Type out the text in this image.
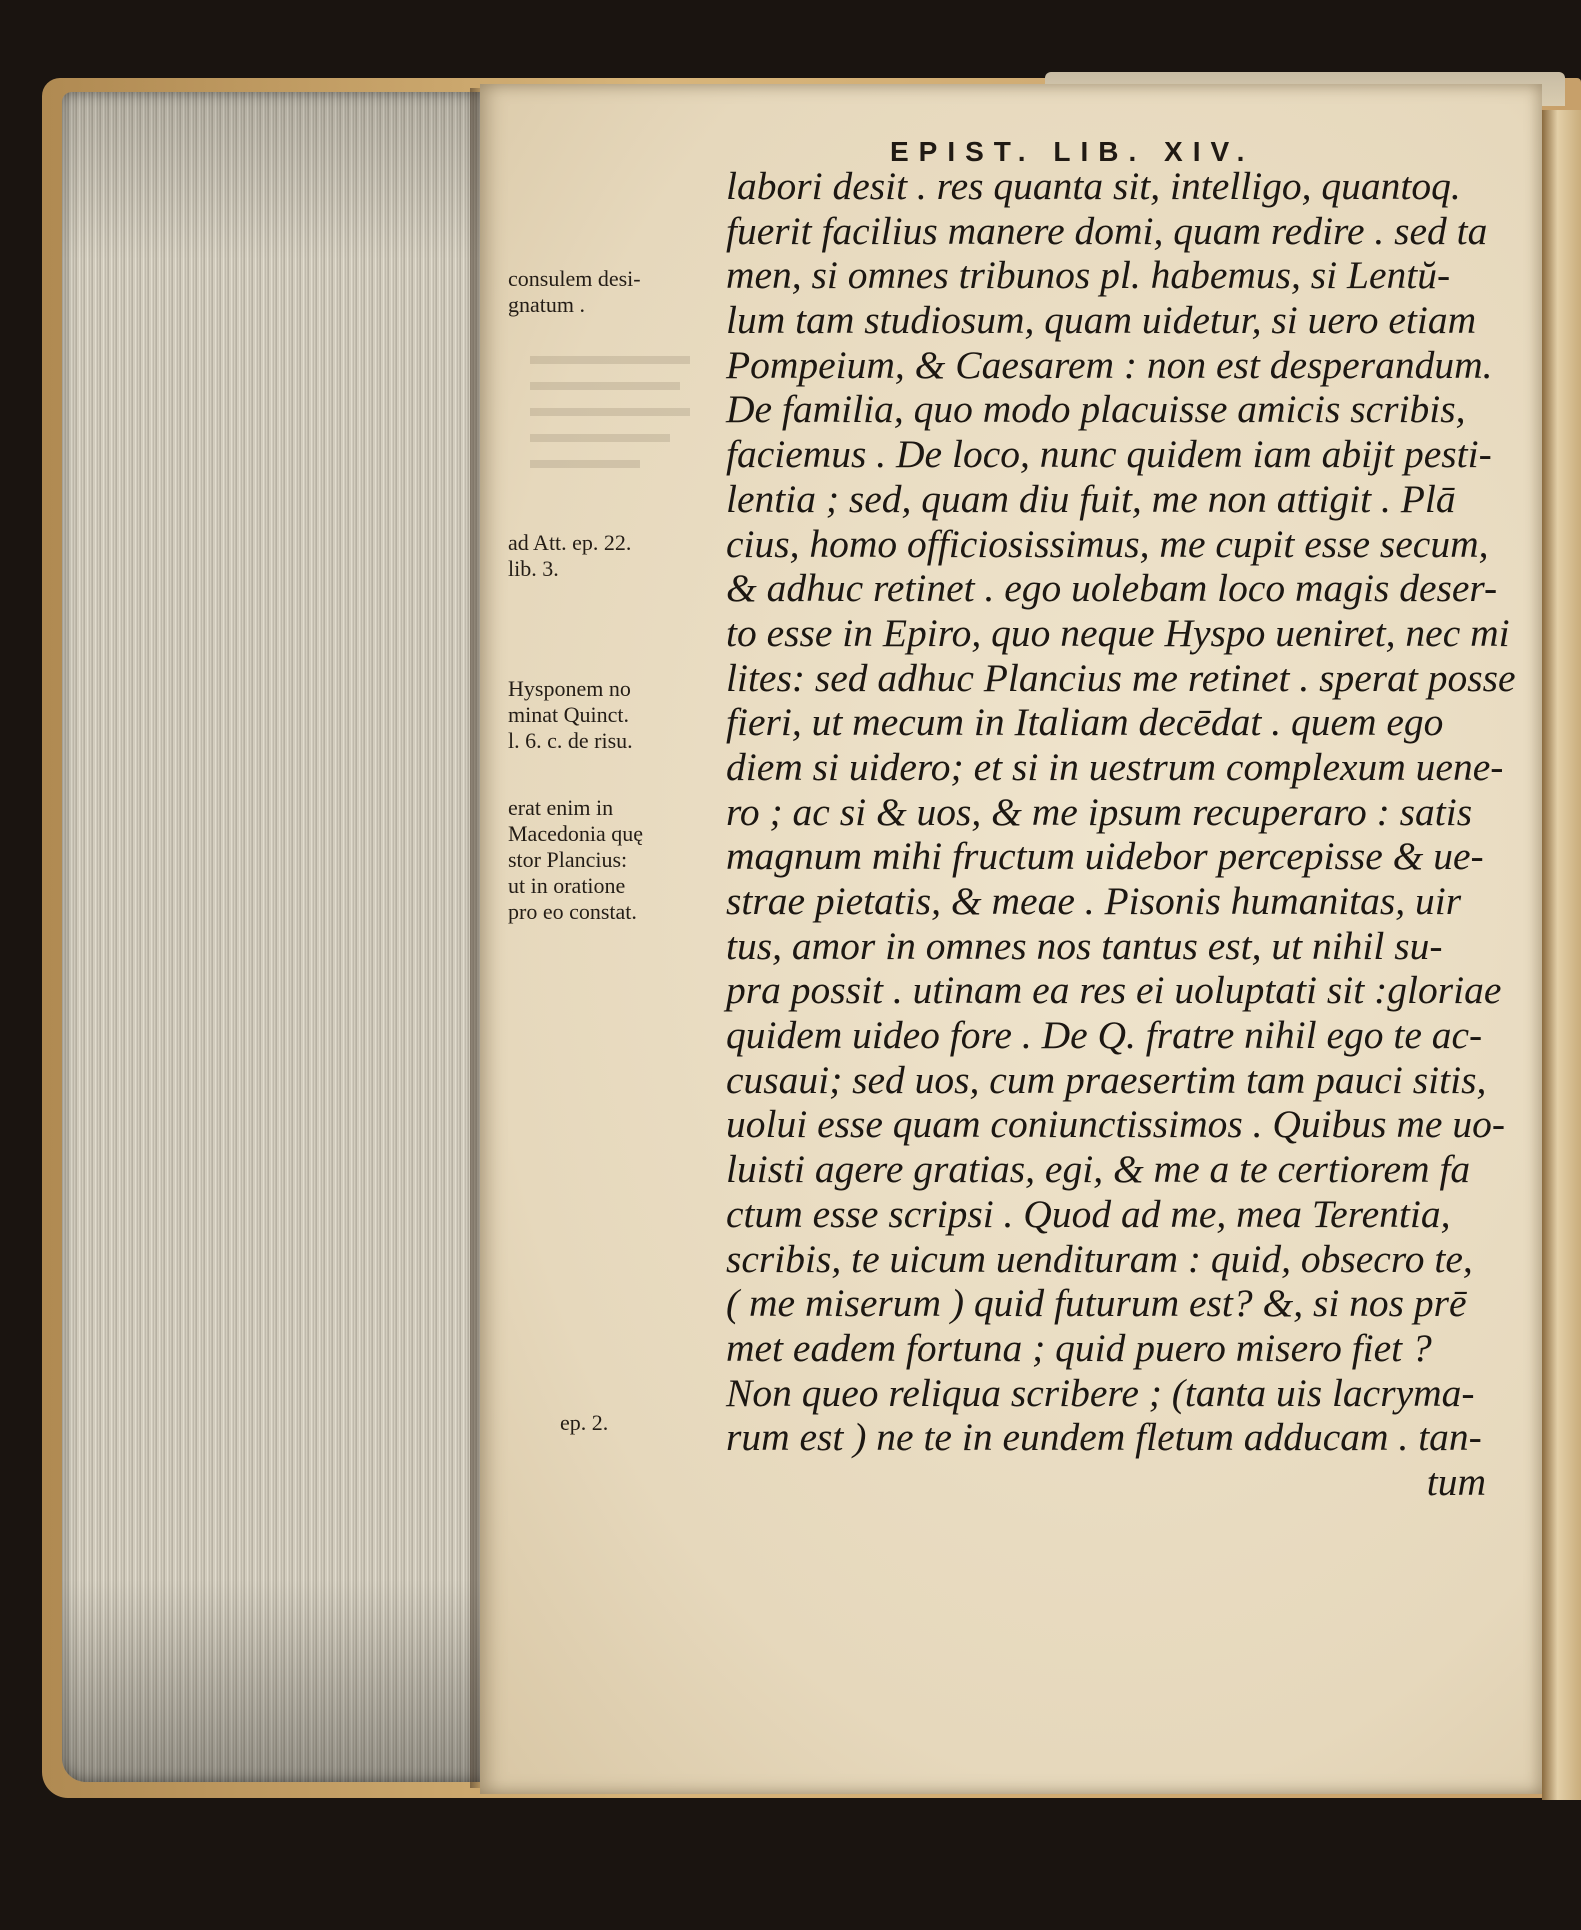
EPIST. LIB. XIV.
labori desit . res quanta sit, intelligo, quantoq.
fuerit facilius manere domi, quam redire . sed ta
men, si omnes tribunos pl. habemus, si Lentŭ-
lum tam studiosum, quam uidetur, si uero etiam
Pompeium, & Caesarem : non est desperandum.
De familia, quo modo placuisse amicis scribis,
faciemus . De loco, nunc quidem iam abijt pesti-
lentia ; sed, quam diu fuit, me non attigit . Plā
cius, homo officiosissimus, me cupit esse secum,
& adhuc retinet . ego uolebam loco magis deser-
to esse in Epiro, quo neque Hyspo ueniret, nec mi
lites: sed adhuc Plancius me retinet . sperat posse
fieri, ut mecum in Italiam decēdat . quem ego
diem si uidero; et si in uestrum complexum uene-
ro ; ac si & uos, & me ipsum recuperaro : satis
magnum mihi fructum uidebor percepisse & ue-
strae pietatis, & meae . Pisonis humanitas, uir
tus, amor in omnes nos tantus est, ut nihil su-
pra possit . utinam ea res ei uoluptati sit :gloriae
quidem uideo fore . De Q. fratre nihil ego te ac-
cusaui; sed uos, cum praesertim tam pauci sitis,
uolui esse quam coniunctissimos . Quibus me uo-
luisti agere gratias, egi, & me a te certiorem fa
ctum esse scripsi . Quod ad me, mea Terentia,
scribis, te uicum uendituram : quid, obsecro te,
( me miserum ) quid futurum est? &, si nos prē
met eadem fortuna ; quid puero misero fiet ?
Non queo reliqua scribere ; (tanta uis lacryma-
rum est ) ne te in eundem fletum adducam . tan-
tum
consulem desi-
gnatum .
ad Att. ep. 22.
lib. 3.
Hysponem no
minat Quinct.
l. 6. c. de risu.
erat enim in
Macedonia quę
stor Plancius:
ut in oratione
pro eo constat.
ep. 2.
